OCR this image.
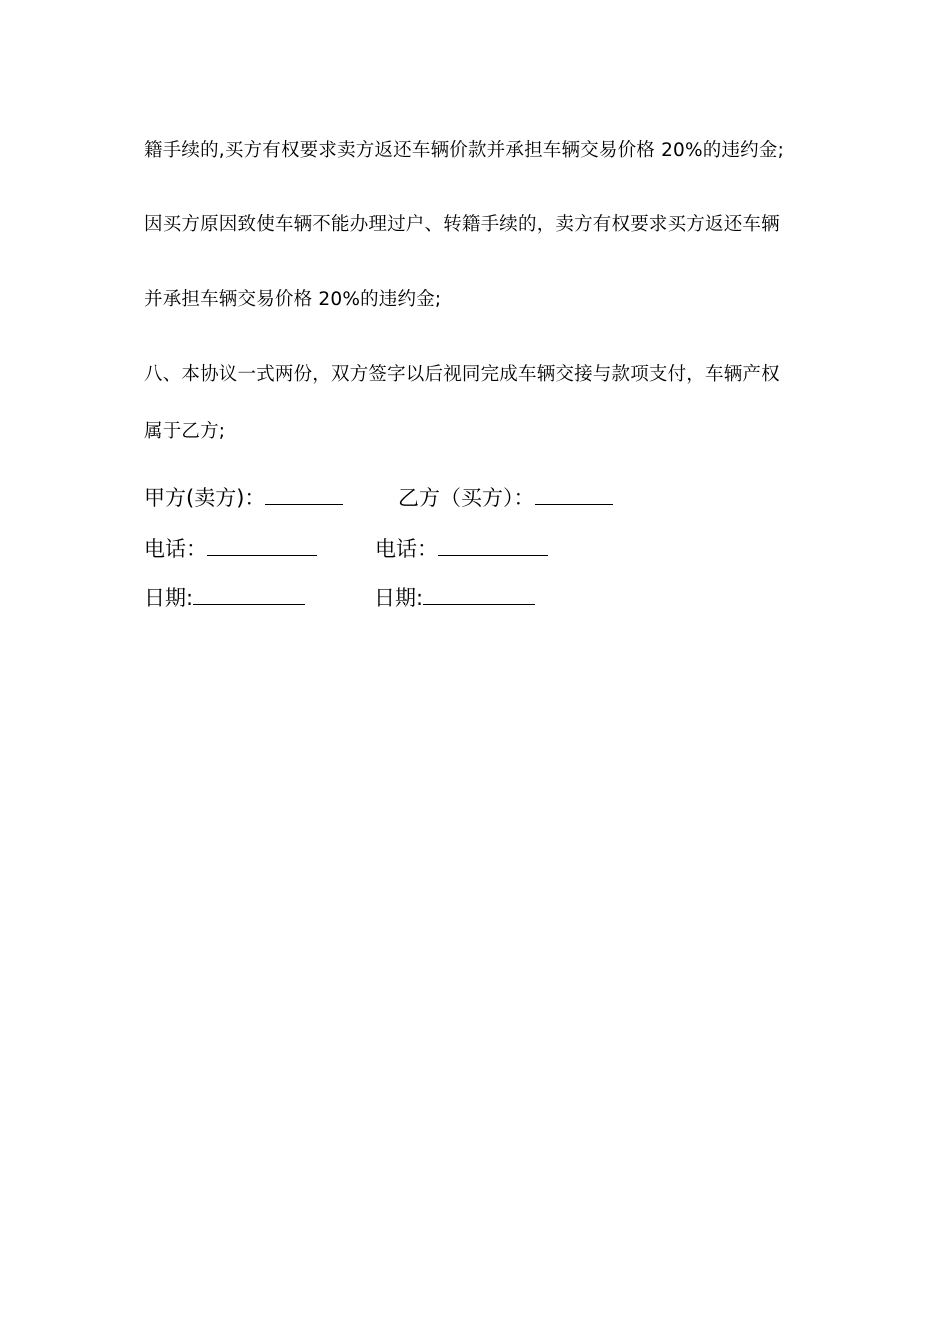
籍手续的,买方有权要求卖方返还车辆价款并承担车辆交易价格 20%的违约金;
因买方原因致使车辆不能办理过户、转籍手续的，卖方有权要求买方返还车辆
并承担车辆交易价格 20%的违约金;
八、本协议一式两份，双方签字以后视同完成车辆交接与款项支付，车辆产权
属于乙方;
甲方(卖方)：	乙方（买方）：
电话：	电话：
日期:	日期:
